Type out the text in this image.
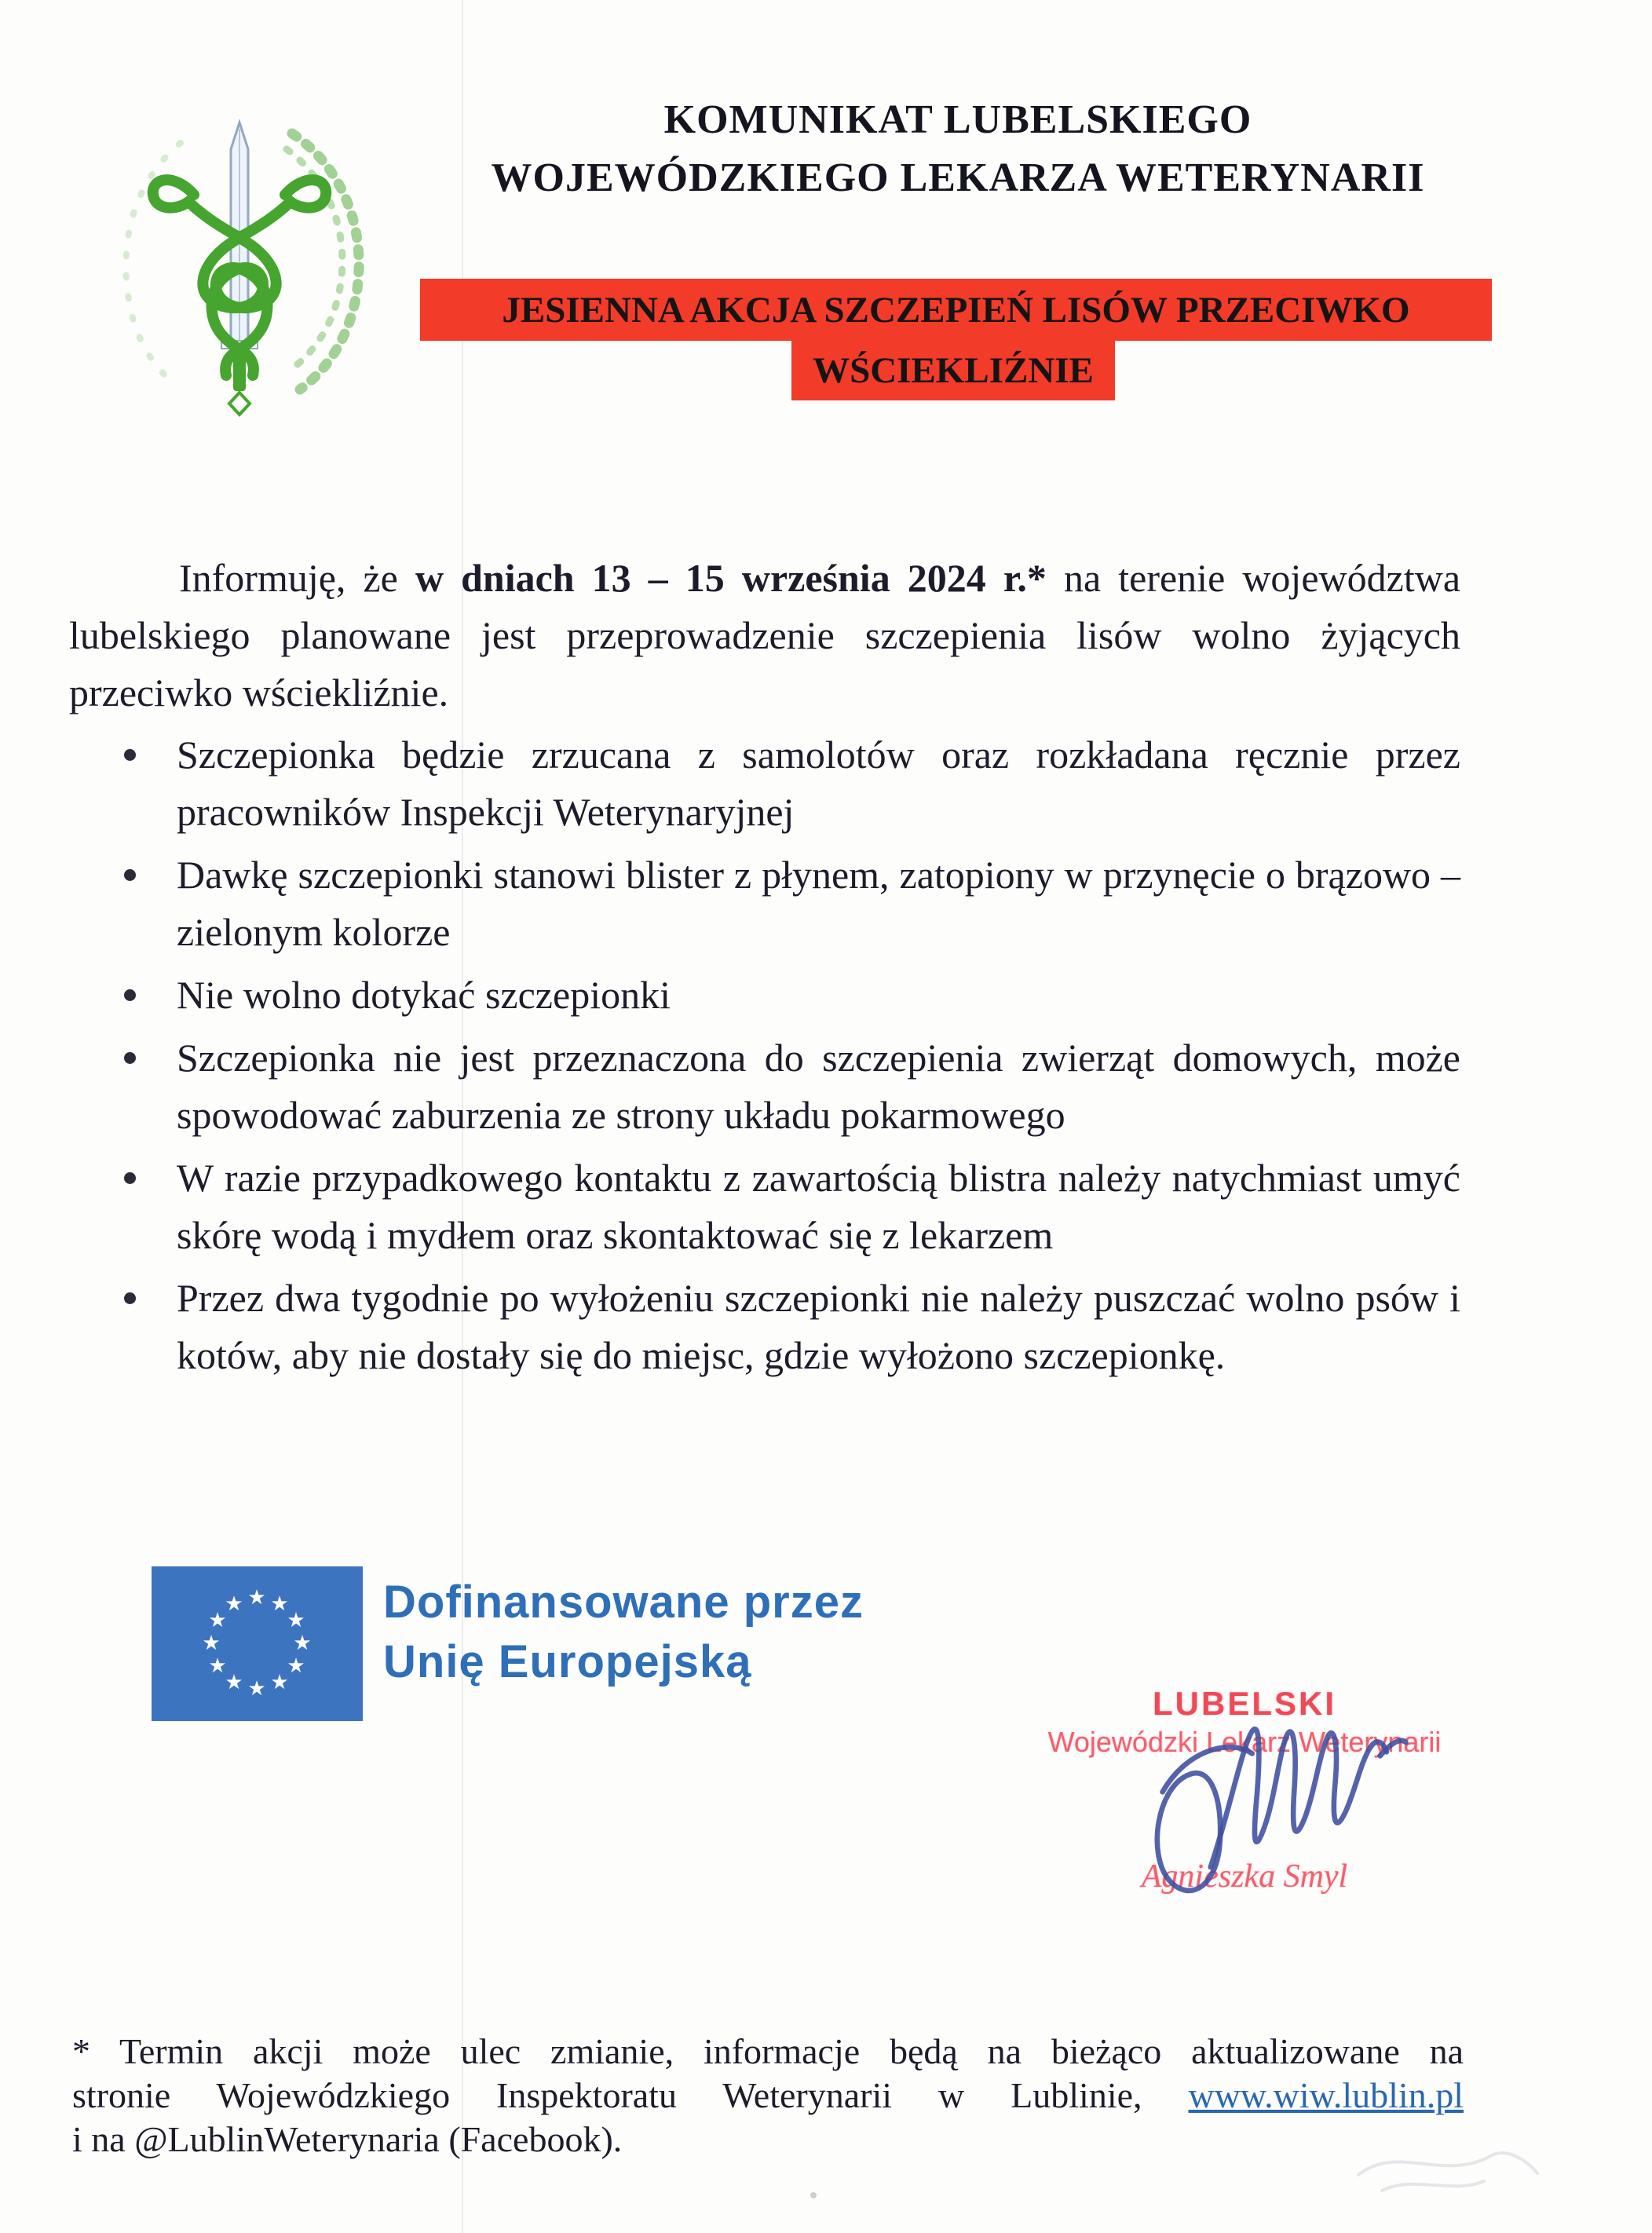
KOMUNIKAT LUBELSKIEGO
WOJEWÓDZKIEGO LEKARZA WETERYNARII
JESIENNA AKCJA SZCZEPIEŃ LISÓW PRZECIWKO
WŚCIEKLIŹNIE

Informuję, że w dniach 13 – 15 września 2024 r.* na terenie województwa lubelskiego planowane jest przeprowadzenie szczepienia lisów wolno żyjących przeciwko wściekliźnie.

Szczepionka będzie zrzucana z samolotów oraz rozkładana ręcznie przez pracowników Inspekcji Weterynaryjnej
Dawkę szczepionki stanowi blister z płynem, zatopiony w przynęcie o brązowo – zielonym kolorze
Nie wolno dotykać szczepionki
Szczepionka nie jest przeznaczona do szczepienia zwierząt domowych, może spowodować zaburzenia ze strony układu pokarmowego
W razie przypadkowego kontaktu z zawartością blistra należy natychmiast umyć skórę wodą i mydłem oraz skontaktować się z lekarzem
Przez dwa tygodnie po wyłożeniu szczepionki nie należy puszczać wolno psów i kotów, aby nie dostały się do miejsc, gdzie wyłożono szczepionkę.
★ ★
★
★
★
★
★
★
★
★
★
★	Dofinansowane przez
Unię Europejską
LUBELSKI
Wojewódzki Lekarz Weterynarii
Agnieszka Smyl
* Termin akcji może ulec zmianie, informacje będą na bieżąco aktualizowane na
stronie Wojewódzkiego Inspektoratu Weterynarii w Lublinie, www.wiw.lublin.pl
i na @LublinWeterynaria (Facebook).
